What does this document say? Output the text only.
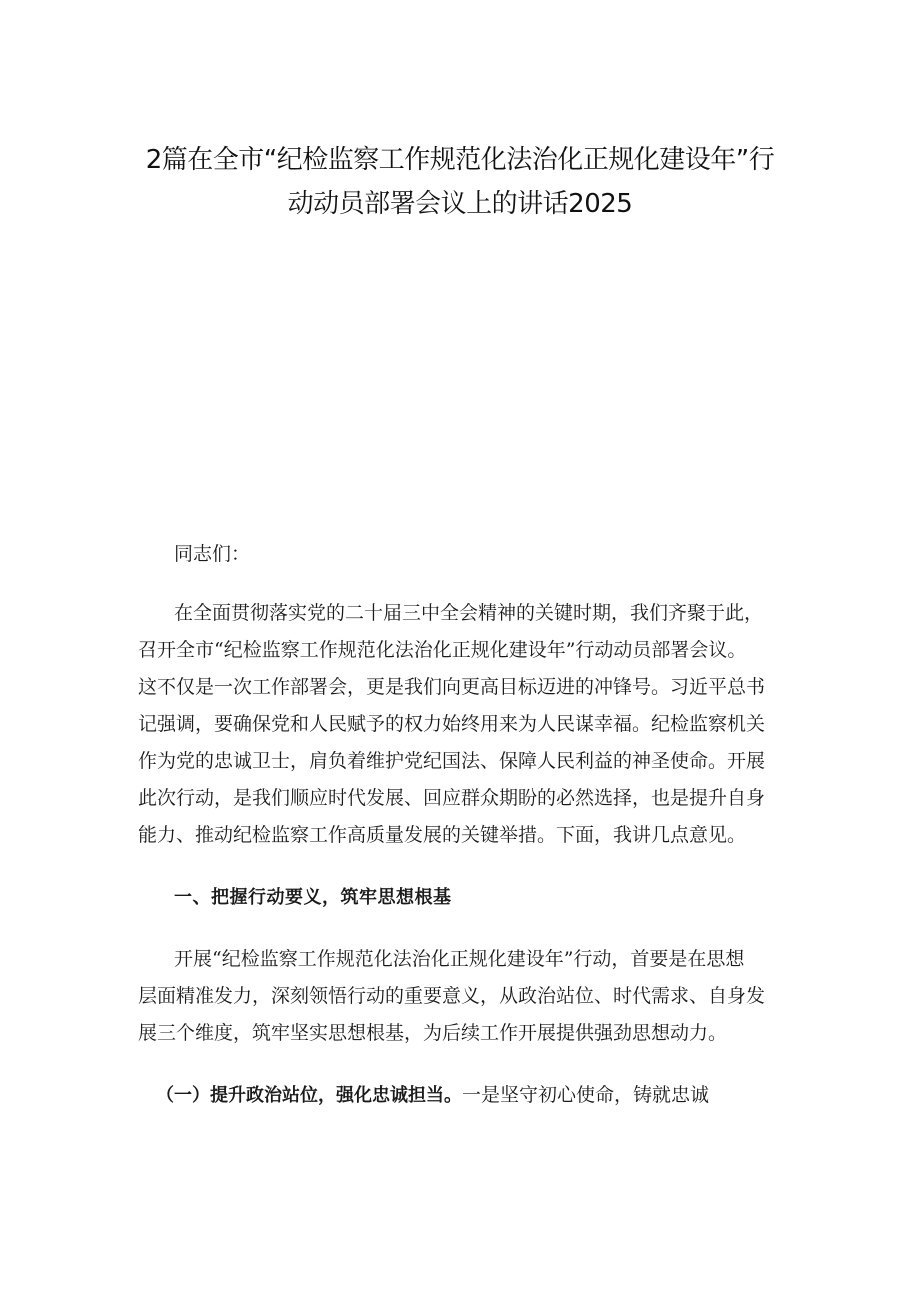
2篇在全市“纪检监察工作规范化法治化正规化建设年”行
动动员部署会议上的讲话2025

同志们：

在全面贯彻落实党的二十届三中全会精神的关键时期，我们齐聚于此，
召开全市“纪检监察工作规范化法治化正规化建设年”行动动员部署会议。
这不仅是一次工作部署会，更是我们向更高目标迈进的冲锋号。习近平总书
记强调，要确保党和人民赋予的权力始终用来为人民谋幸福。纪检监察机关
作为党的忠诚卫士，肩负着维护党纪国法、保障人民利益的神圣使命。开展
此次行动，是我们顺应时代发展、回应群众期盼的必然选择，也是提升自身
能力、推动纪检监察工作高质量发展的关键举措。下面，我讲几点意见。

一、把握行动要义，筑牢思想根基

开展“纪检监察工作规范化法治化正规化建设年”行动，首要是在思想
层面精准发力，深刻领悟行动的重要意义，从政治站位、时代需求、自身发
展三个维度，筑牢坚实思想根基，为后续工作开展提供强劲思想动力。

（一）提升政治站位，强化忠诚担当。一是坚守初心使命，铸就忠诚
